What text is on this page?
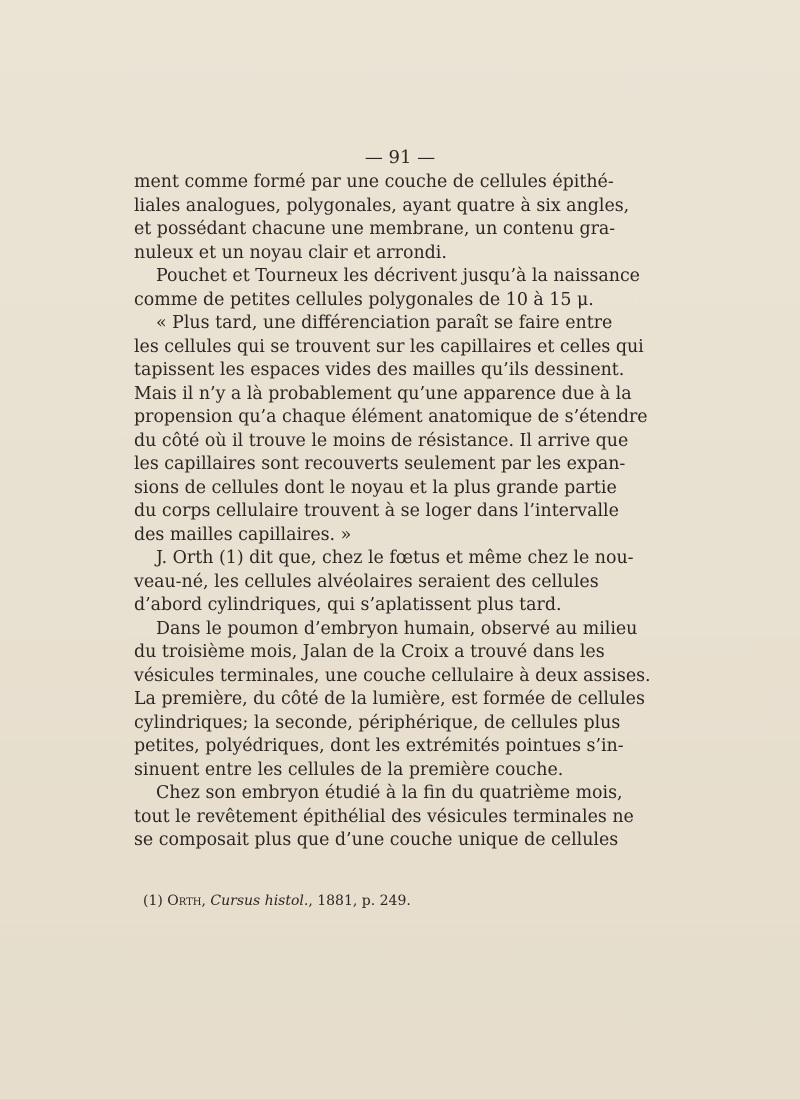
— 91 —
ment comme formé par une couche de cellules épithé-
liales analogues, polygonales, ayant quatre à six angles,
et possédant chacune une membrane, un contenu gra-
nuleux et un noyau clair et arrondi.
Pouchet et Tourneux les décrivent jusqu’à la naissance
comme de petites cellules polygonales de 10 à 15 μ.
« Plus tard, une différenciation paraît se faire entre
les cellules qui se trouvent sur les capillaires et celles qui
tapissent les espaces vides des mailles qu’ils dessinent.
Mais il n’y a là probablement qu’une apparence due à la
propension qu’a chaque élément anatomique de s’étendre
du côté où il trouve le moins de résistance. Il arrive que
les capillaires sont recouverts seulement par les expan-
sions de cellules dont le noyau et la plus grande partie
du corps cellulaire trouvent à se loger dans l’intervalle
des mailles capillaires. »
J. Orth (1) dit que, chez le fœtus et même chez le nou-
veau-né, les cellules alvéolaires seraient des cellules
d’abord cylindriques, qui s’aplatissent plus tard.
Dans le poumon d’embryon humain, observé au milieu
du troisième mois, Jalan de la Croix a trouvé dans les
vésicules terminales, une couche cellulaire à deux assises.
La première, du côté de la lumière, est formée de cellules
cylindriques; la seconde, périphérique, de cellules plus
petites, polyédriques, dont les extrémités pointues s’in-
sinuent entre les cellules de la première couche.
Chez son embryon étudié à la fin du quatrième mois,
tout le revêtement épithélial des vésicules terminales ne
se composait plus que d’une couche unique de cellules
(1) Orth, Cursus histol., 1881, p. 249.
